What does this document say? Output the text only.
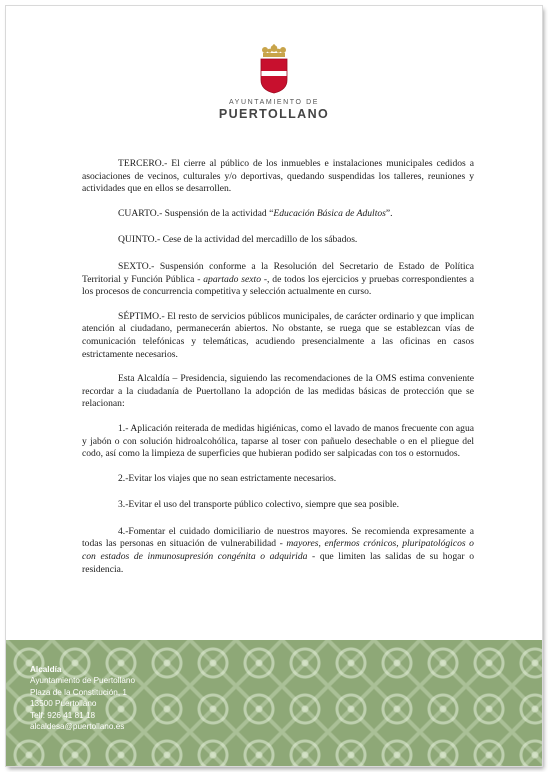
AYUNTAMIENTO DE
PUERTOLLANO

TERCERO.- El cierre al público de los inmuebles e instalaciones municipales cedidos a asociaciones de vecinos, culturales y/o deportivas, quedando suspendidas los talleres, reuniones y actividades que en ellos se desarrollen.

CUARTO.- Suspensión de la actividad “Educación Básica de Adultos”.

QUINTO.- Cese de la actividad del mercadillo de los sábados.

SEXTO.- Suspensión conforme a la Resolución del Secretario de Estado de Política Territorial y Función Pública - apartado sexto -, de todos los ejercicios y pruebas correspondientes a los procesos de concurrencia competitiva y selección actualmente en curso.

SÉPTIMO.- El resto de servicios públicos municipales, de carácter ordinario y que implican atención al ciudadano, permanecerán abiertos. No obstante, se ruega que se establezcan vías de comunicación telefónicas y telemáticas, acudiendo presencialmente a las oficinas en casos estrictamente necesarios.

Esta Alcaldía – Presidencia, siguiendo las recomendaciones de la OMS estima conveniente recordar a la ciudadanía de Puertollano la adopción de las medidas básicas de protección que se relacionan:

1.- Aplicación reiterada de medidas higiénicas, como el lavado de manos frecuente con agua y jabón o con solución hidroalcohólica, taparse al toser con pañuelo desechable o en el pliegue del codo, así como la limpieza de superficies que hubieran podido ser salpicadas con tos o estornudos.

2.-Evitar los viajes que no sean estrictamente necesarios.

3.-Evitar el uso del transporte público colectivo, siempre que sea posible.

4.-Fomentar el cuidado domiciliario de nuestros mayores. Se recomienda expresamente a todas las personas en situación de vulnerabilidad - mayores, enfermos crónicos, pluripatológicos o con estados de inmunosupresión congénita o adquirida - que limiten las salidas de su hogar o residencia.

Alcaldía
Ayuntamiento de Puertollano
Plaza de la Constitución, 1
13500 Puertollano
Telf: 926 41 81 18
alcaldesa@puertollano.es
